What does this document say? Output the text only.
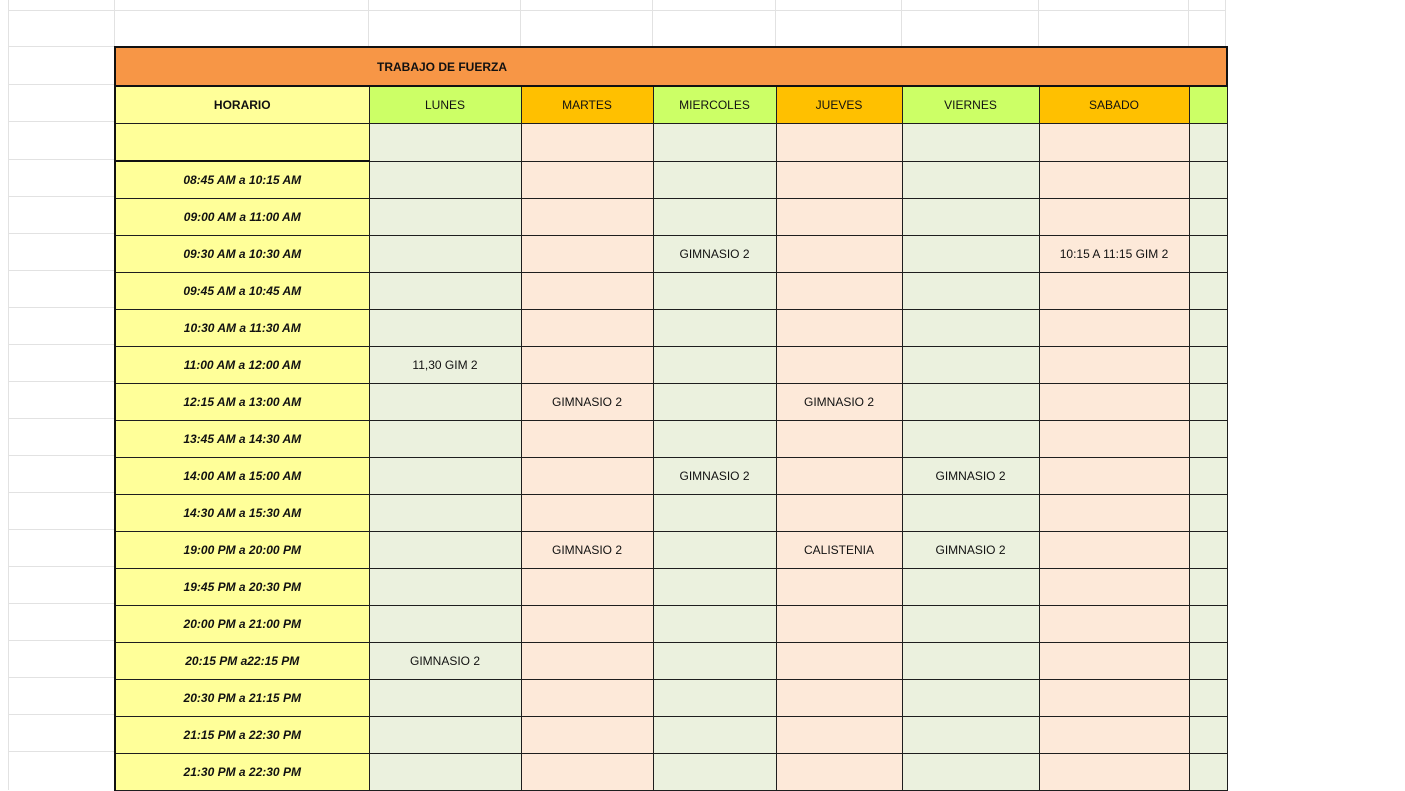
TRABAJO DE FUERZA							
HORARIO	LUNES	MARTES	MIERCOLES	JUEVES	VIERNES	SABADO	

08:45 AM a 10:15 AM							
09:00 AM a 11:00 AM							
09:30 AM a 10:30 AM			GIMNASIO 2			10:15 A 11:15 GIM 2	
09:45 AM a 10:45 AM							
10:30 AM a 11:30 AM							
11:00 AM a 12:00 AM	11,30 GIM 2						
12:15 AM a 13:00 AM		GIMNASIO 2		GIMNASIO 2			
13:45 AM a 14:30 AM							
14:00 AM a 15:00 AM			GIMNASIO 2		GIMNASIO 2		
14:30 AM a 15:30 AM							
19:00 PM a 20:00 PM		GIMNASIO 2		CALISTENIA	GIMNASIO 2		
19:45 PM a 20:30 PM							
20:00 PM a 21:00 PM							
20:15 PM a22:15 PM	GIMNASIO 2						
20:30 PM a 21:15 PM							
21:15 PM a 22:30 PM							
21:30 PM a 22:30 PM							
